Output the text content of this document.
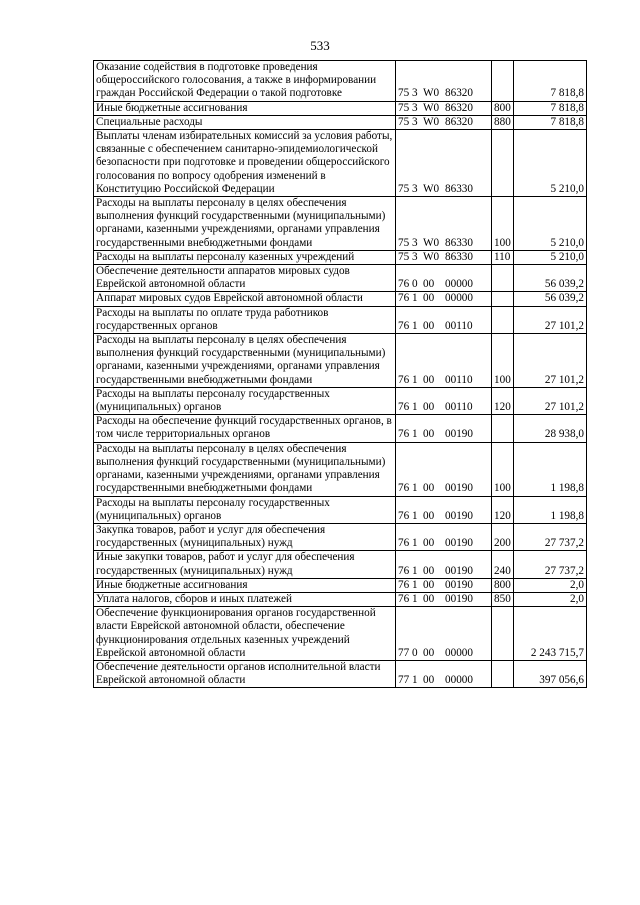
533
Оказание содействия в подготовке проведения общероссийского голосования, а также в информировании граждан Российской Федерации о такой подготовке	75 3 W0 86320		7 818,8
Иные бюджетные ассигнования	75 3 W0 86320	800	7 818,8
Специальные расходы	75 3 W0 86320	880	7 818,8
Выплаты членам избирательных комиссий за условия работы, связанные с обеспечением санитарно-эпидемиологической безопасности при подготовке и проведении общероссийского голосования по вопросу одобрения изменений в Конституцию Российской Федерации	75 3 W0 86330		5 210,0
Расходы на выплаты персоналу в целях обеспечения выполнения функций государственными (муниципальными) органами, казенными учреждениями, органами управления государственными внебюджетными фондами	75 3 W0 86330	100	5 210,0
Расходы на выплаты персоналу казенных учреждений	75 3 W0 86330	110	5 210,0
Обеспечение деятельности аппаратов мировых судов Еврейской автономной области	76 0 00 00000		56 039,2
Аппарат мировых судов Еврейской автономной области	76 1 00 00000		56 039,2
Расходы на выплаты по оплате труда работников государственных органов	76 1 00 00110		27 101,2
Расходы на выплаты персоналу в целях обеспечения выполнения функций государственными (муниципальными) органами, казенными учреждениями, органами управления государственными внебюджетными фондами	76 1 00 00110	100	27 101,2
Расходы на выплаты персоналу государственных (муниципальных) органов	76 1 00 00110	120	27 101,2
Расходы на обеспечение функций государственных органов, в том числе территориальных органов	76 1 00 00190		28 938,0
Расходы на выплаты персоналу в целях обеспечения выполнения функций государственными (муниципальными) органами, казенными учреждениями, органами управления государственными внебюджетными фондами	76 1 00 00190	100	1 198,8
Расходы на выплаты персоналу государственных (муниципальных) органов	76 1 00 00190	120	1 198,8
Закупка товаров, работ и услуг для обеспечения государственных (муниципальных) нужд	76 1 00 00190	200	27 737,2
Иные закупки товаров, работ и услуг для обеспечения государственных (муниципальных) нужд	76 1 00 00190	240	27 737,2
Иные бюджетные ассигнования	76 1 00 00190	800	2,0
Уплата налогов, сборов и иных платежей	76 1 00 00190	850	2,0
Обеспечение функционирования органов государственной власти Еврейской автономной области, обеспечение функционирования отдельных казенных учреждений Еврейской автономной области	77 0 00 00000		2 243 715,7
Обеспечение деятельности органов исполнительной власти Еврейской автономной области	77 1 00 00000		397 056,6
